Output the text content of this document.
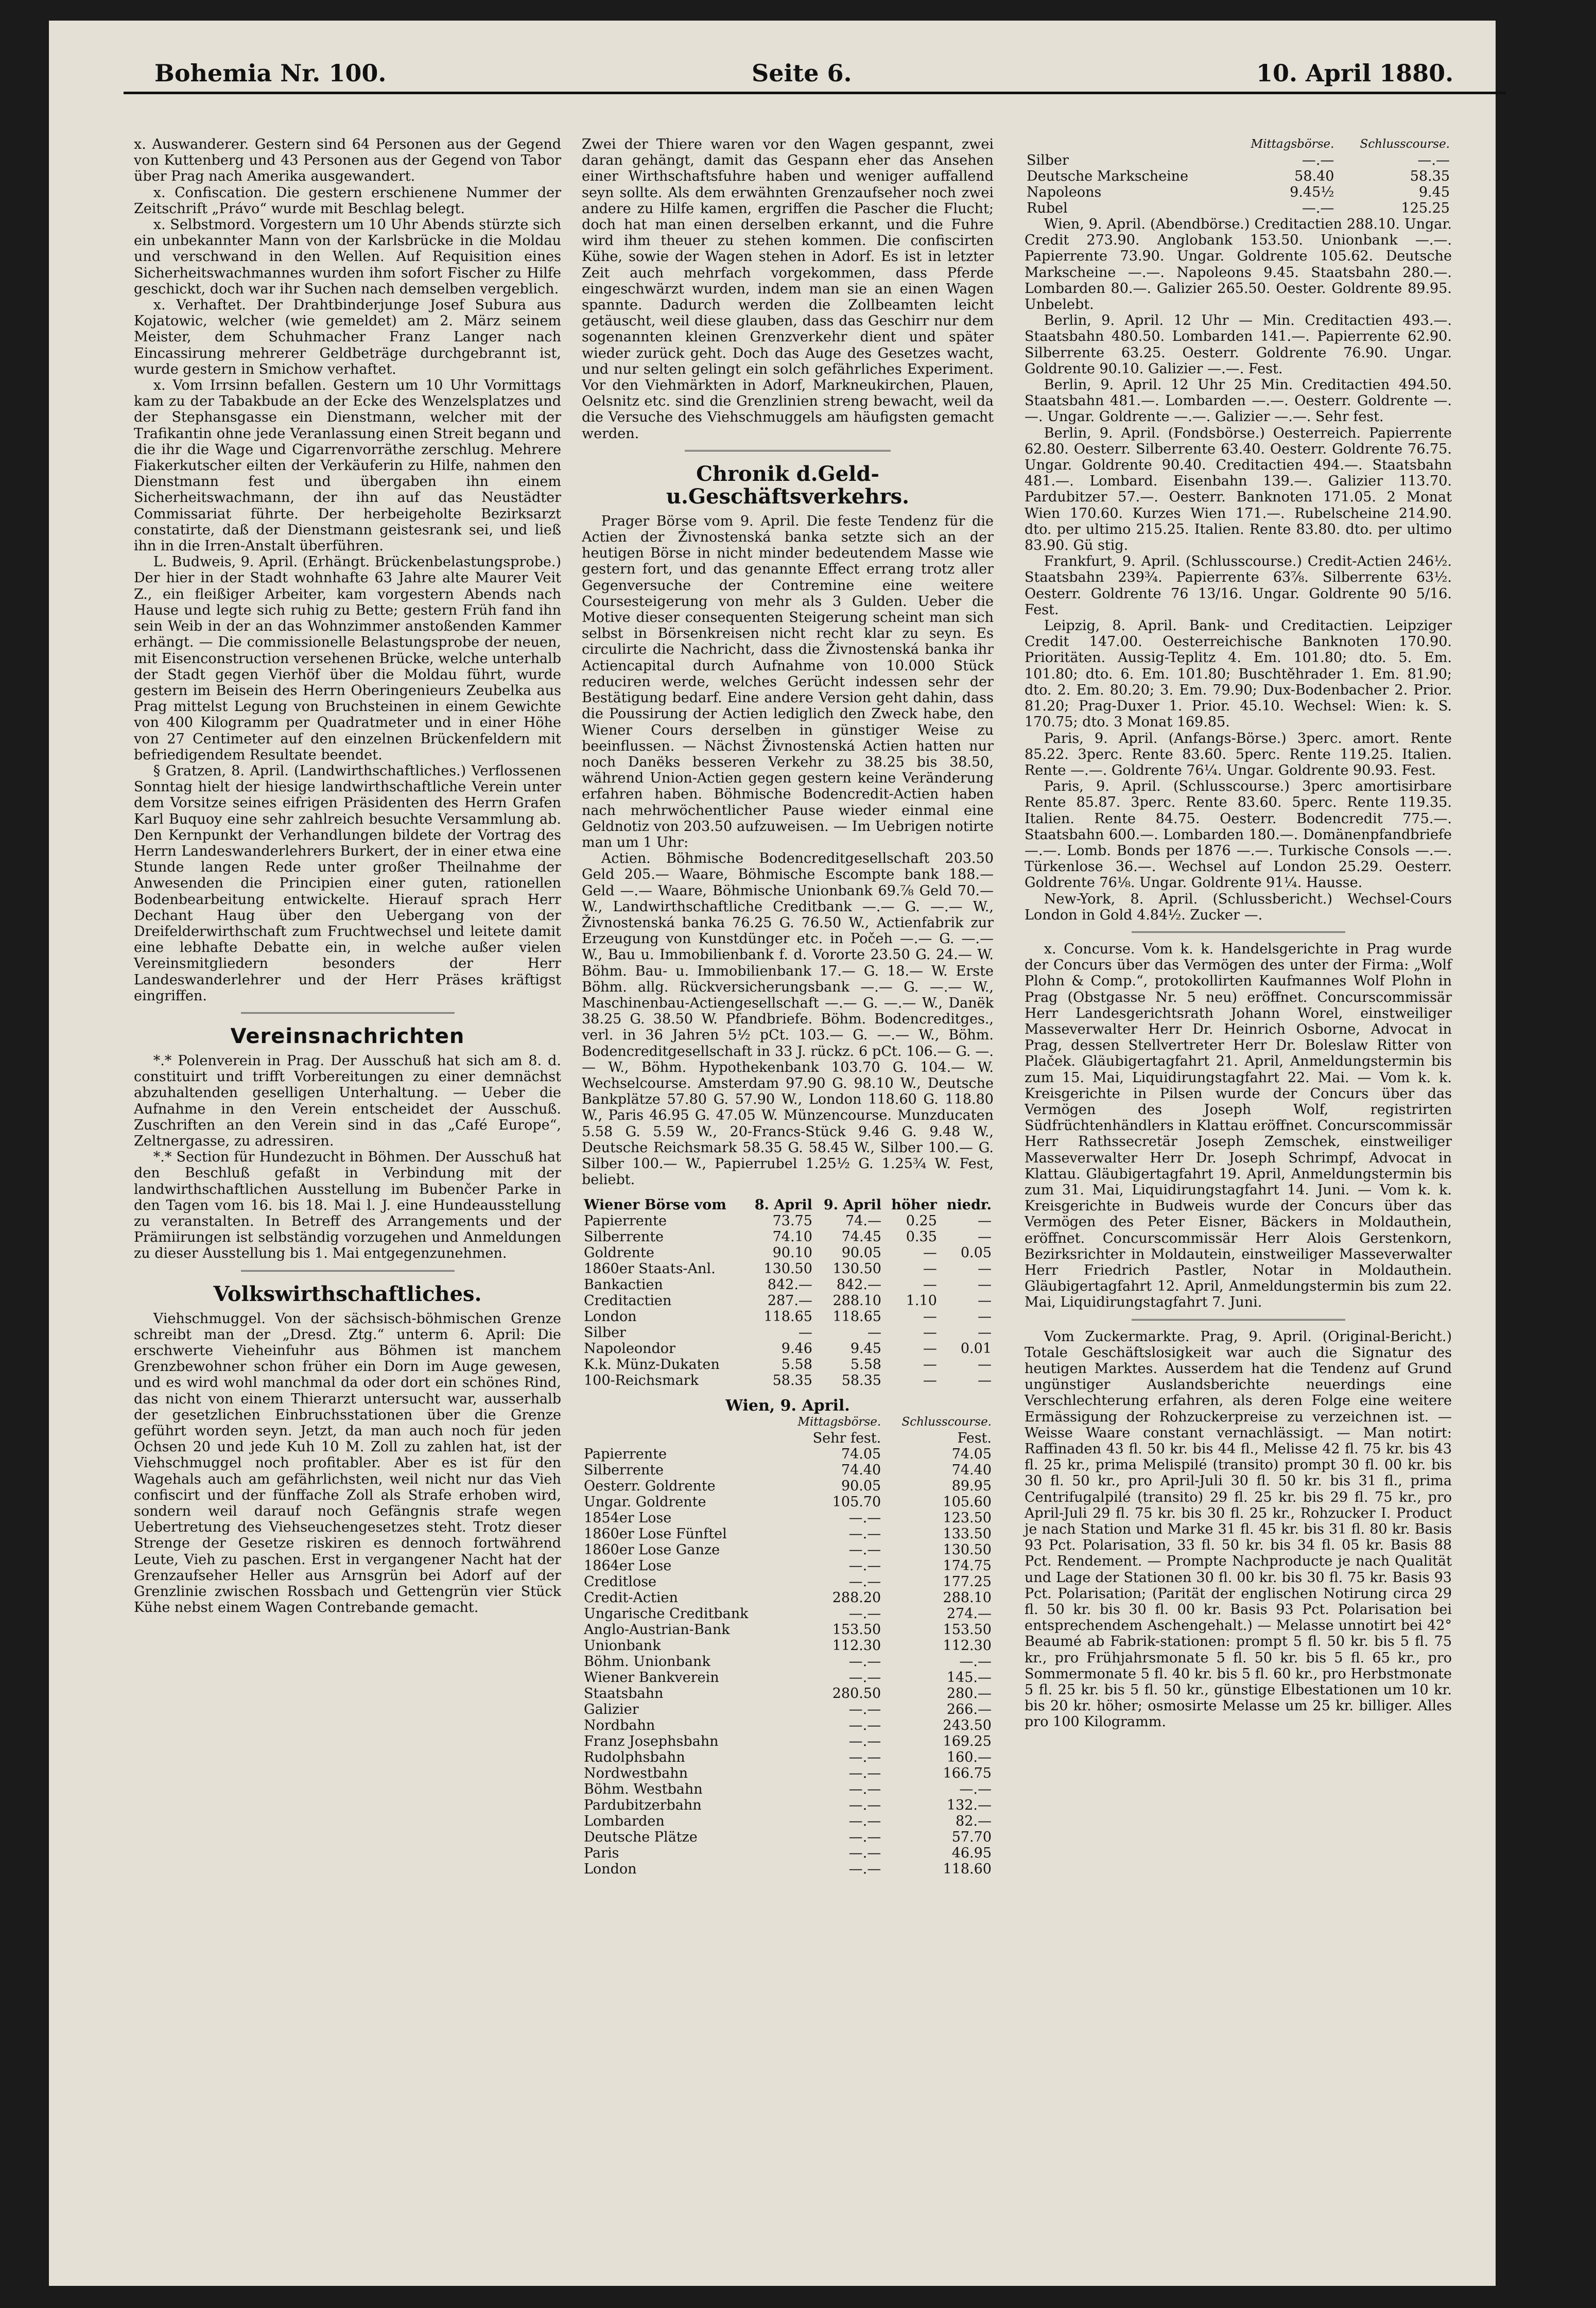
Bohemia Nr. 100.	Seite 6.	10. April 1880.

x. Auswanderer. Gestern sind 64 Personen aus der Gegend von Kuttenberg und 43 Personen aus der Gegend von Tabor über Prag nach Amerika ausgewandert.

x. Confiscation. Die gestern erschienene Nummer der Zeitschrift „Právo“ wurde mit Beschlag belegt.

x. Selbstmord. Vorgestern um 10 Uhr Abends stürzte sich ein unbekannter Mann von der Karlsbrücke in die Moldau und verschwand in den Wellen. Auf Requisition eines Sicherheitswachmannes wurden ihm sofort Fischer zu Hilfe geschickt, doch war ihr Suchen nach demselben vergeblich.

x. Verhaftet. Der Drahtbinderjunge Josef Subura aus Kojatowic, welcher (wie gemeldet) am 2. März seinem Meister, dem Schuhmacher Franz Langer nach Eincassirung mehrerer Geldbeträge durchgebrannt ist, wurde gestern in Smichow verhaftet.

x. Vom Irrsinn befallen. Gestern um 10 Uhr Vormittags kam zu der Tabakbude an der Ecke des Wenzelsplatzes und der Stephansgasse ein Dienstmann, welcher mit der Trafikantin ohne jede Veranlassung einen Streit begann und die ihr die Wage und Cigarrenvorräthe zerschlug. Mehrere Fiakerkutscher eilten der Verkäuferin zu Hilfe, nahmen den Dienstmann fest und übergaben ihn einem Sicherheitswachmann, der ihn auf das Neustädter Commissariat führte. Der herbeigeholte Bezirksarzt constatirte, daß der Dienstmann geistesrank sei, und ließ ihn in die Irren-Anstalt überführen.

L. Budweis, 9. April. (Erhängt. Brückenbelastungsprobe.) Der hier in der Stadt wohnhafte 63 Jahre alte Maurer Veit Z., ein fleißiger Arbeiter, kam vorgestern Abends nach Hause und legte sich ruhig zu Bette; gestern Früh fand ihn sein Weib in der an das Wohnzimmer anstoßenden Kammer erhängt. — Die commissionelle Belastungsprobe der neuen, mit Eisenconstruction versehenen Brücke, welche unterhalb der Stadt gegen Vierhöf über die Moldau führt, wurde gestern im Beisein des Herrn Oberingenieurs Zeubelka aus Prag mittelst Legung von Bruchsteinen in einem Gewichte von 400 Kilogramm per Quadratmeter und in einer Höhe von 27 Centimeter auf den einzelnen Brückenfeldern mit befriedigendem Resultate beendet.

§ Gratzen, 8. April. (Landwirthschaftliches.) Verflossenen Sonntag hielt der hiesige landwirthschaftliche Verein unter dem Vorsitze seines eifrigen Präsidenten des Herrn Grafen Karl Buquoy eine sehr zahlreich besuchte Versammlung ab. Den Kernpunkt der Verhandlungen bildete der Vortrag des Herrn Landeswanderlehrers Burkert, der in einer etwa eine Stunde langen Rede unter großer Theilnahme der Anwesenden die Principien einer guten, rationellen Bodenbearbeitung entwickelte. Hierauf sprach Herr Dechant Haug über den Uebergang von der Dreifelderwirthschaft zum Fruchtwechsel und leitete damit eine lebhafte Debatte ein, in welche außer vielen Vereinsmitgliedern besonders der Herr Landeswanderlehrer und der Herr Präses kräftigst eingriffen.

Vereinsnachrichten

*.* Polenverein in Prag. Der Ausschuß hat sich am 8. d. constituirt und trifft Vorbereitungen zu einer demnächst abzuhaltenden geselligen Unterhaltung. — Ueber die Aufnahme in den Verein entscheidet der Ausschuß. Zuschriften an den Verein sind in das „Café Europe“, Zeltnergasse, zu adressiren.

*.* Section für Hundezucht in Böhmen. Der Ausschuß hat den Beschluß gefaßt in Verbindung mit der landwirthschaftlichen Ausstellung im Bubenčer Parke in den Tagen vom 16. bis 18. Mai l. J. eine Hundeausstellung zu veranstalten. In Betreff des Arrangements und der Prämiirungen ist selbständig vorzugehen und Anmeldungen zu dieser Ausstellung bis 1. Mai entgegenzunehmen.

Volkswirthschaftliches.

Viehschmuggel. Von der sächsisch-böhmischen Grenze schreibt man der „Dresd. Ztg.“ unterm 6. April: Die erschwerte Vieheinfuhr aus Böhmen ist manchem Grenzbewohner schon früher ein Dorn im Auge gewesen, und es wird wohl manchmal da oder dort ein schönes Rind, das nicht von einem Thierarzt untersucht war, ausserhalb der gesetzlichen Einbruchsstationen über die Grenze geführt worden seyn. Jetzt, da man auch noch für jeden Ochsen 20 und jede Kuh 10 M. Zoll zu zahlen hat, ist der Viehschmuggel noch profitabler. Aber es ist für den Wagehals auch am gefährlichsten, weil nicht nur das Vieh confiscirt und der fünffache Zoll als Strafe erhoben wird, sondern weil darauf noch Gefängnis strafe wegen Uebertretung des Viehseuchengesetzes steht. Trotz dieser Strenge der Gesetze riskiren es dennoch fortwährend Leute, Vieh zu paschen. Erst in vergangener Nacht hat der Grenzaufseher Heller aus Arnsgrün bei Adorf auf der Grenzlinie zwischen Rossbach und Gettengrün vier Stück Kühe nebst einem Wagen Contrebande gemacht.

Zwei der Thiere waren vor den Wagen gespannt, zwei daran gehängt, damit das Gespann eher das Ansehen einer Wirthschaftsfuhre haben und weniger auffallend seyn sollte. Als dem erwähnten Grenzaufseher noch zwei andere zu Hilfe kamen, ergriffen die Pascher die Flucht; doch hat man einen derselben erkannt, und die Fuhre wird ihm theuer zu stehen kommen. Die confiscirten Kühe, sowie der Wagen stehen in Adorf. Es ist in letzter Zeit auch mehrfach vorgekommen, dass Pferde eingeschwärzt wurden, indem man sie an einen Wagen spannte. Dadurch werden die Zollbeamten leicht getäuscht, weil diese glauben, dass das Geschirr nur dem sogenannten kleinen Grenzverkehr dient und später wieder zurück geht. Doch das Auge des Gesetzes wacht, und nur selten gelingt ein solch gefährliches Experiment. Vor den Viehmärkten in Adorf, Markneukirchen, Plauen, Oelsnitz etc. sind die Grenzlinien streng bewacht, weil da die Versuche des Viehschmuggels am häufigsten gemacht werden.

Chronik d.Geld-u.Geschäftsverkehrs.

Prager Börse vom 9. April. Die feste Tendenz für die Actien der Živnostenská banka setzte sich an der heutigen Börse in nicht minder bedeutendem Masse wie gestern fort, und das genannte Effect errang trotz aller Gegenversuche der Contremine eine weitere Coursesteigerung von mehr als 3 Gulden. Ueber die Motive dieser consequenten Steigerung scheint man sich selbst in Börsenkreisen nicht recht klar zu seyn. Es circulirte die Nachricht, dass die Živnostenská banka ihr Actiencapital durch Aufnahme von 10.000 Stück reduciren werde, welches Gerücht indessen sehr der Bestätigung bedarf. Eine andere Version geht dahin, dass die Poussirung der Actien lediglich den Zweck habe, den Wiener Cours derselben in günstiger Weise zu beeinflussen. — Nächst Živnostenská Actien hatten nur noch Danëks besseren Verkehr zu 38.25 bis 38.50, während Union-Actien gegen gestern keine Veränderung erfahren haben. Böhmische Bodencredit-Actien haben nach mehrwöchentlicher Pause wieder einmal eine Geldnotiz von 203.50 aufzuweisen. — Im Uebrigen notirte man um 1 Uhr:

Actien. Böhmische Bodencreditgesellschaft 203.50 Geld 205.— Waare, Böhmische Escompte bank 188.— Geld —.— Waare, Böhmische Unionbank 69.⅞ Geld 70.— W., Landwirthschaftliche Creditbank —.— G. —.— W., Živnostenská banka 76.25 G. 76.50 W., Actienfabrik zur Erzeugung von Kunstdünger etc. in Počeh —.— G. —.— W., Bau u. Immobilienbank f. d. Vororte 23.50 G. 24.— W. Böhm. Bau- u. Immobilienbank 17.— G. 18.— W. Erste Böhm. allg. Rückversicherungsbank —.— G. —.— W., Maschinenbau-Actiengesellschaft —.— G. —.— W., Danëk 38.25 G. 38.50 W. Pfandbriefe. Böhm. Bodencreditges., verl. in 36 Jahren 5½ pCt. 103.— G. —.— W., Böhm. Bodencreditgesellschaft in 33 J. rückz. 6 pCt. 106.— G. —.— W., Böhm. Hypothekenbank 103.70 G. 104.— W. Wechselcourse. Amsterdam 97.90 G. 98.10 W., Deutsche Bankplätze 57.80 G. 57.90 W., London 118.60 G. 118.80 W., Paris 46.95 G. 47.05 W. Münzencourse. Munzducaten 5.58 G. 5.59 W., 20-Francs-Stück 9.46 G. 9.48 W., Deutsche Reichsmark 58.35 G. 58.45 W., Silber 100.— G. Silber 100.— W., Papierrubel 1.25½ G. 1.25¾ W. Fest, beliebt.

Wiener Börse vom	8. April	9. April	höher	niedr.
Papierrente	73.75	74.—	0.25	—
Silberrente	74.10	74.45	0.35	—
Goldrente	90.10	90.05	—	0.05
1860er Staats-Anl.	130.50	130.50	—	—
Bankactien	842.—	842.—	—	—
Creditactien	287.—	288.10	1.10	—
London	118.65	118.65	—	—
Silber	—	—	—	—
Napoleondor	9.46	9.45	—	0.01
K.k. Münz-Dukaten	5.58	5.58	—	—
100-Reichsmark	58.35	58.35	—	—
Wien, 9. April.
	Mittagsbörse.	Schlusscourse.
	Sehr fest.	Fest.
Papierrente	74.05	74.05
Silberrente	74.40	74.40
Oesterr. Goldrente	90.05	89.95
Ungar. Goldrente	105.70	105.60
1854er Lose	—.—	123.50
1860er Lose Fünftel	—.—	133.50
1860er Lose Ganze	—.—	130.50
1864er Lose	—.—	174.75
Creditlose	—.—	177.25
Credit-Actien	288.20	288.10
Ungarische Creditbank	—.—	274.—
Anglo-Austrian-Bank	153.50	153.50
Unionbank	112.30	112.30
Böhm. Unionbank	—.—	—.—
Wiener Bankverein	—.—	145.—
Staatsbahn	280.50	280.—
Galizier	—.—	266.—
Nordbahn	—.—	243.50
Franz Josephsbahn	—.—	169.25
Rudolphsbahn	—.—	160.—
Nordwestbahn	—.—	166.75
Böhm. Westbahn	—.—	—.—
Pardubitzerbahn	—.—	132.—
Lombarden	—.—	82.—
Deutsche Plätze	—.—	57.70
Paris	—.—	46.95
London	—.—	118.60
	Mittagsbörse.	Schlusscourse.
Silber	—.—	—.—
Deutsche Markscheine	58.40	58.35
Napoleons	9.45½	9.45
Rubel	—.—	125.25

Wien, 9. April. (Abendbörse.) Creditactien 288.10. Ungar. Credit 273.90. Anglobank 153.50. Unionbank —.—. Papierrente 73.90. Ungar. Goldrente 105.62. Deutsche Markscheine —.—. Napoleons 9.45. Staatsbahn 280.—. Lombarden 80.—. Galizier 265.50. Oester. Goldrente 89.95. Unbelebt.

Berlin, 9. April. 12 Uhr — Min. Creditactien 493.—. Staatsbahn 480.50. Lombarden 141.—. Papierrente 62.90. Silberrente 63.25. Oesterr. Goldrente 76.90. Ungar. Goldrente 90.10. Galizier —.—. Fest.

Berlin, 9. April. 12 Uhr 25 Min. Creditactien 494.50. Staatsbahn 481.—. Lombarden —.—. Oesterr. Goldrente —.—. Ungar. Goldrente —.—. Galizier —.—. Sehr fest.

Berlin, 9. April. (Fondsbörse.) Oesterreich. Papierrente 62.80. Oesterr. Silberrente 63.40. Oesterr. Goldrente 76.75. Ungar. Goldrente 90.40. Creditactien 494.—. Staatsbahn 481.—. Lombard. Eisenbahn 139.—. Galizier 113.70. Pardubitzer 57.—. Oesterr. Banknoten 171.05. 2 Monat Wien 170.60. Kurzes Wien 171.—. Rubelscheine 214.90. dto. per ultimo 215.25. Italien. Rente 83.80. dto. per ultimo 83.90. Gü stig.

Frankfurt, 9. April. (Schlusscourse.) Credit-Actien 246½. Staatsbahn 239¾. Papierrente 63⅞. Silberrente 63½. Oesterr. Goldrente 76 13/16. Ungar. Goldrente 90 5/16. Fest.

Leipzig, 8. April. Bank- und Creditactien. Leipziger Credit 147.00. Oesterreichische Banknoten 170.90. Prioritäten. Aussig-Teplitz 4. Em. 101.80; dto. 5. Em. 101.80; dto. 6. Em. 101.80; Buschtěhrader 1. Em. 81.90; dto. 2. Em. 80.20; 3. Em. 79.90; Dux-Bodenbacher 2. Prior. 81.20; Prag-Duxer 1. Prior. 45.10. Wechsel: Wien: k. S. 170.75; dto. 3 Monat 169.85.

Paris, 9. April. (Anfangs-Börse.) 3perc. amort. Rente 85.22. 3perc. Rente 83.60. 5perc. Rente 119.25. Italien. Rente —.—. Goldrente 76¼. Ungar. Goldrente 90.93. Fest.

Paris, 9. April. (Schlusscourse.) 3perc amortisirbare Rente 85.87. 3perc. Rente 83.60. 5perc. Rente 119.35. Italien. Rente 84.75. Oesterr. Bodencredit 775.—. Staatsbahn 600.—. Lombarden 180.—. Domänenpfandbriefe —.—. Lomb. Bonds per 1876 —.—. Turkische Consols —.—. Türkenlose 36.—. Wechsel auf London 25.29. Oesterr. Goldrente 76⅛. Ungar. Goldrente 91¼. Hausse.

New-York, 8. April. (Schlussbericht.) Wechsel-Cours London in Gold 4.84½. Zucker —.

x. Concurse. Vom k. k. Handelsgerichte in Prag wurde der Concurs über das Vermögen des unter der Firma: „Wolf Plohn & Comp.“, protokollirten Kaufmannes Wolf Plohn in Prag (Obstgasse Nr. 5 neu) eröffnet. Concurscommissär Herr Landesgerichtsrath Johann Worel, einstweiliger Masseverwalter Herr Dr. Heinrich Osborne, Advocat in Prag, dessen Stellvertreter Herr Dr. Boleslaw Ritter von Plaček. Gläubigertagfahrt 21. April, Anmeldungstermin bis zum 15. Mai, Liquidirungstagfahrt 22. Mai. — Vom k. k. Kreisgerichte in Pilsen wurde der Concurs über das Vermögen des Joseph Wolf, registrirten Südfrüchtenhändlers in Klattau eröffnet. Concurscommissär Herr Rathssecretär Joseph Zemschek, einstweiliger Masseverwalter Herr Dr. Joseph Schrimpf, Advocat in Klattau. Gläubigertagfahrt 19. April, Anmeldungstermin bis zum 31. Mai, Liquidirungstagfahrt 14. Juni. — Vom k. k. Kreisgerichte in Budweis wurde der Concurs über das Vermögen des Peter Eisner, Bäckers in Moldauthein, eröffnet. Concurscommissär Herr Alois Gerstenkorn, Bezirksrichter in Moldautein, einstweiliger Masseverwalter Herr Friedrich Pastler, Notar in Moldauthein. Gläubigertagfahrt 12. April, Anmeldungstermin bis zum 22. Mai, Liquidirungstagfahrt 7. Juni.

Vom Zuckermarkte. Prag, 9. April. (Original-Bericht.) Totale Geschäftslosigkeit war auch die Signatur des heutigen Marktes. Ausserdem hat die Tendenz auf Grund ungünstiger Auslandsberichte neuerdings eine Verschlechterung erfahren, als deren Folge eine weitere Ermässigung der Rohzuckerpreise zu verzeichnen ist. — Weisse Waare constant vernachlässigt. — Man notirt: Raffinaden 43 fl. 50 kr. bis 44 fl., Melisse 42 fl. 75 kr. bis 43 fl. 25 kr., prima Melispilé (transito) prompt 30 fl. 00 kr. bis 30 fl. 50 kr., pro April-Juli 30 fl. 50 kr. bis 31 fl., prima Centrifugalpilé (transito) 29 fl. 25 kr. bis 29 fl. 75 kr., pro April-Juli 29 fl. 75 kr. bis 30 fl. 25 kr., Rohzucker I. Product je nach Station und Marke 31 fl. 45 kr. bis 31 fl. 80 kr. Basis 93 Pct. Polarisation, 33 fl. 50 kr. bis 34 fl. 05 kr. Basis 88 Pct. Rendement. — Prompte Nachproducte je nach Qualität und Lage der Stationen 30 fl. 00 kr. bis 30 fl. 75 kr. Basis 93 Pct. Polarisation; (Parität der englischen Notirung circa 29 fl. 50 kr. bis 30 fl. 00 kr. Basis 93 Pct. Polarisation bei entsprechendem Aschengehalt.) — Melasse unnotirt bei 42° Beaumé ab Fabrik-stationen: prompt 5 fl. 50 kr. bis 5 fl. 75 kr., pro Frühjahrsmonate 5 fl. 50 kr. bis 5 fl. 65 kr., pro Sommermonate 5 fl. 40 kr. bis 5 fl. 60 kr., pro Herbstmonate 5 fl. 25 kr. bis 5 fl. 50 kr., günstige Elbestationen um 10 kr. bis 20 kr. höher; osmosirte Melasse um 25 kr. billiger. Alles pro 100 Kilogramm.
